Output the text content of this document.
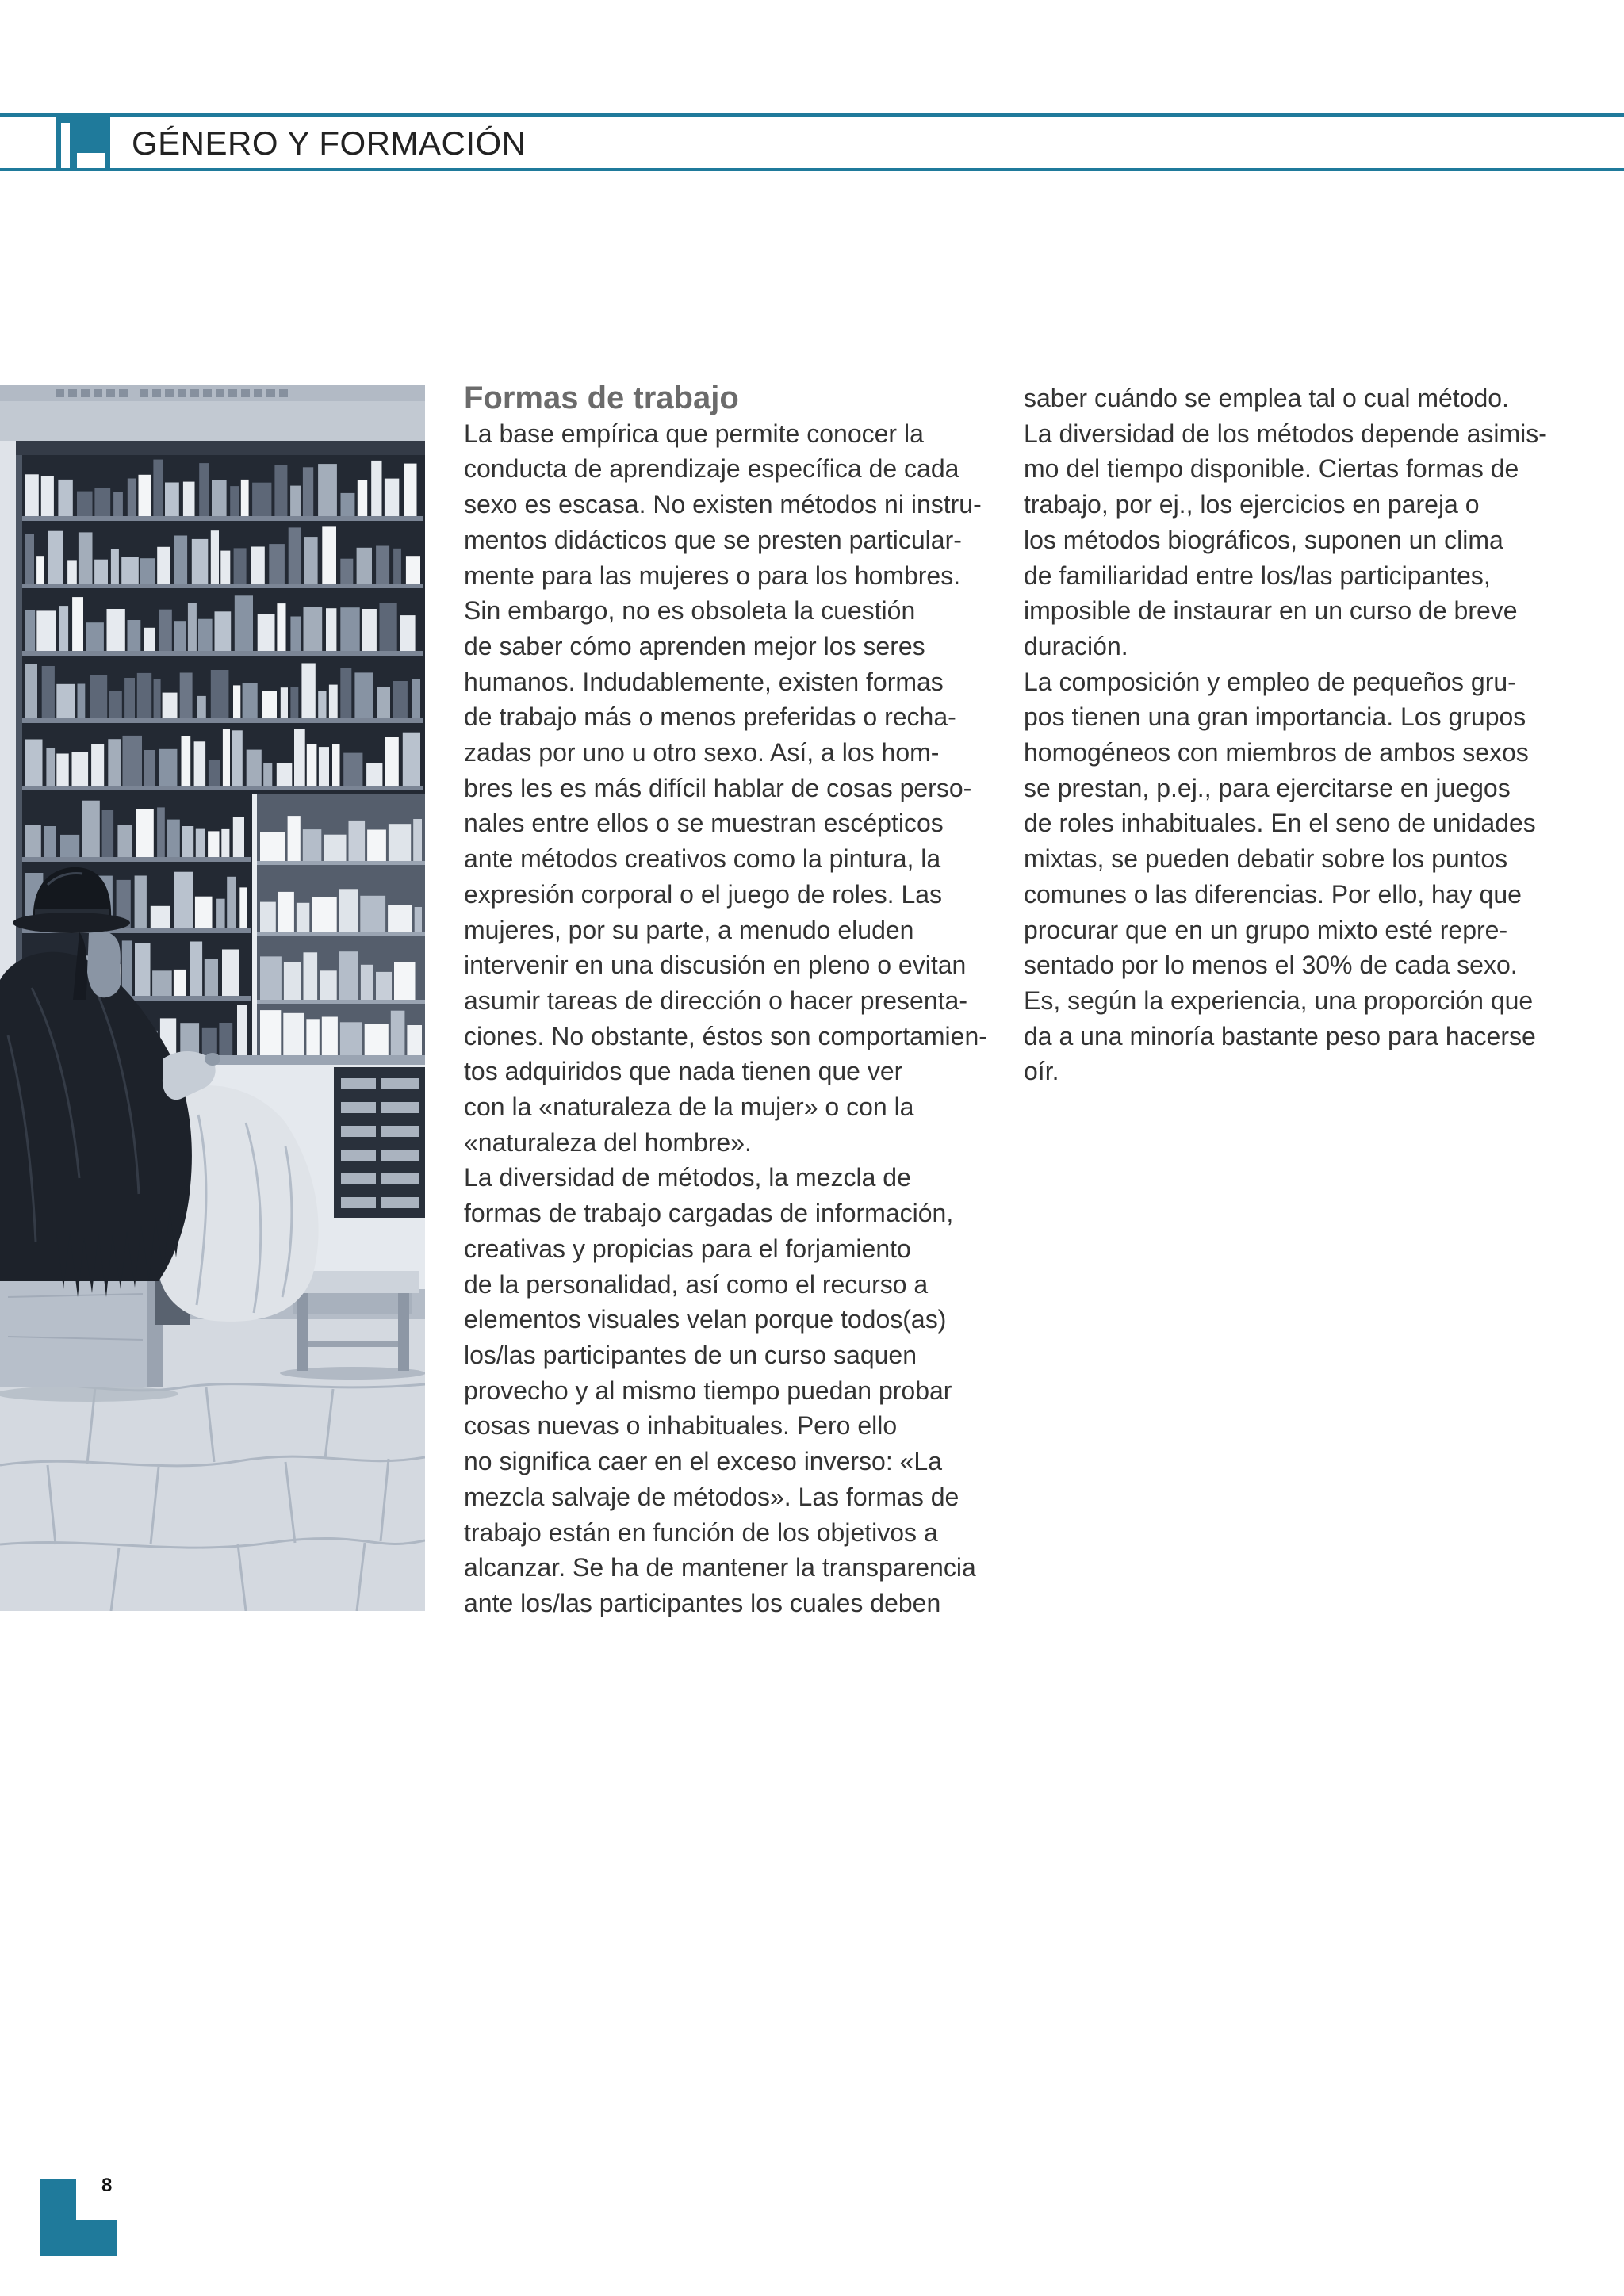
GÉNERO Y FORMACIÓN
Formas de trabajo

La base empírica que permite conocer la
conducta de aprendizaje específica de cada
sexo es escasa. No existen métodos ni instru-
mentos didácticos que se presten particular-
mente para las mujeres o para los hombres.
Sin embargo, no es obsoleta la cuestión
de saber cómo aprenden mejor los seres
humanos. Indudablemente, existen formas
de trabajo más o menos preferidas o recha-
zadas por uno u otro sexo. Así, a los hom-
bres les es más difícil hablar de cosas perso-
nales entre ellos o se muestran escépticos
ante métodos creativos como la pintura, la
expresión corporal o el juego de roles. Las
mujeres, por su parte, a menudo eluden
intervenir en una discusión en pleno o evitan
asumir tareas de dirección o hacer presenta-
ciones. No obstante, éstos son comportamien-
tos adquiridos que nada tienen que ver
con la «naturaleza de la mujer» o con la
«naturaleza del hombre».

La diversidad de métodos, la mezcla de
formas de trabajo cargadas de información,
creativas y propicias para el forjamiento
de la personalidad, así como el recurso a
elementos visuales velan porque todos(as)
los/las participantes de un curso saquen
provecho y al mismo tiempo puedan probar
cosas nuevas o inhabituales. Pero ello
no significa caer en el exceso inverso: «La
mezcla salvaje de métodos». Las formas de
trabajo están en función de los objetivos a
alcanzar. Se ha de mantener la transparencia
ante los/las participantes los cuales deben

saber cuándo se emplea tal o cual método.

La diversidad de los métodos depende asimis-
mo del tiempo disponible. Ciertas formas de
trabajo, por ej., los ejercicios en pareja o
los métodos biográficos, suponen un clima
de familiaridad entre los/las participantes,
imposible de instaurar en un curso de breve
duración.

La composición y empleo de pequeños gru-
pos tienen una gran importancia. Los grupos
homogéneos con miembros de ambos sexos
se prestan, p.ej., para ejercitarse en juegos
de roles inhabituales. En el seno de unidades
mixtas, se pueden debatir sobre los puntos
comunes o las diferencias. Por ello, hay que
procurar que en un grupo mixto esté repre-
sentado por lo menos el 30% de cada sexo.
Es, según la experiencia, una proporción que
da a una minoría bastante peso para hacerse
oír.

8
